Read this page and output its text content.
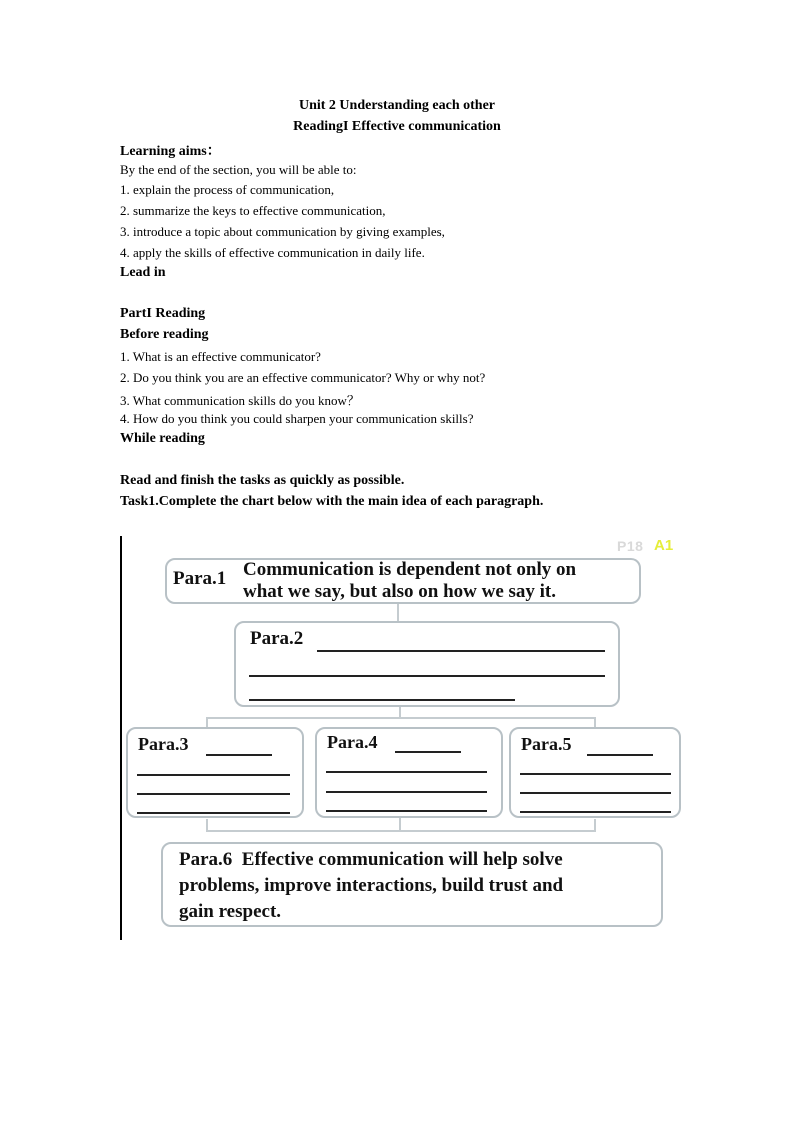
Unit 2 Understanding each other
ReadingI Effective communication
Learning aims：
By the end of the section, you will be able to:
1. explain the process of communication,
2. summarize the keys to effective communication,
3. introduce a topic about communication by giving examples,
4. apply the skills of effective communication in daily life.
Lead in
PartI Reading
Before reading
1. What is an effective communicator?
2. Do you think you are an effective communicator? Why or why not?
3. What communication skills do you know？
4. How do you think you could sharpen your communication skills?
While reading
Read and finish the tasks as quickly as possible.
Task1.Complete the chart below with the main idea of each paragraph.
P18 A1
Para.1 Communication is dependent not only on
what we say, but also on how we say it.
Para.2
Para.3	Para.4	Para.5
Para.6 Effective communication will help solve
problems, improve interactions, build trust and
gain respect.
